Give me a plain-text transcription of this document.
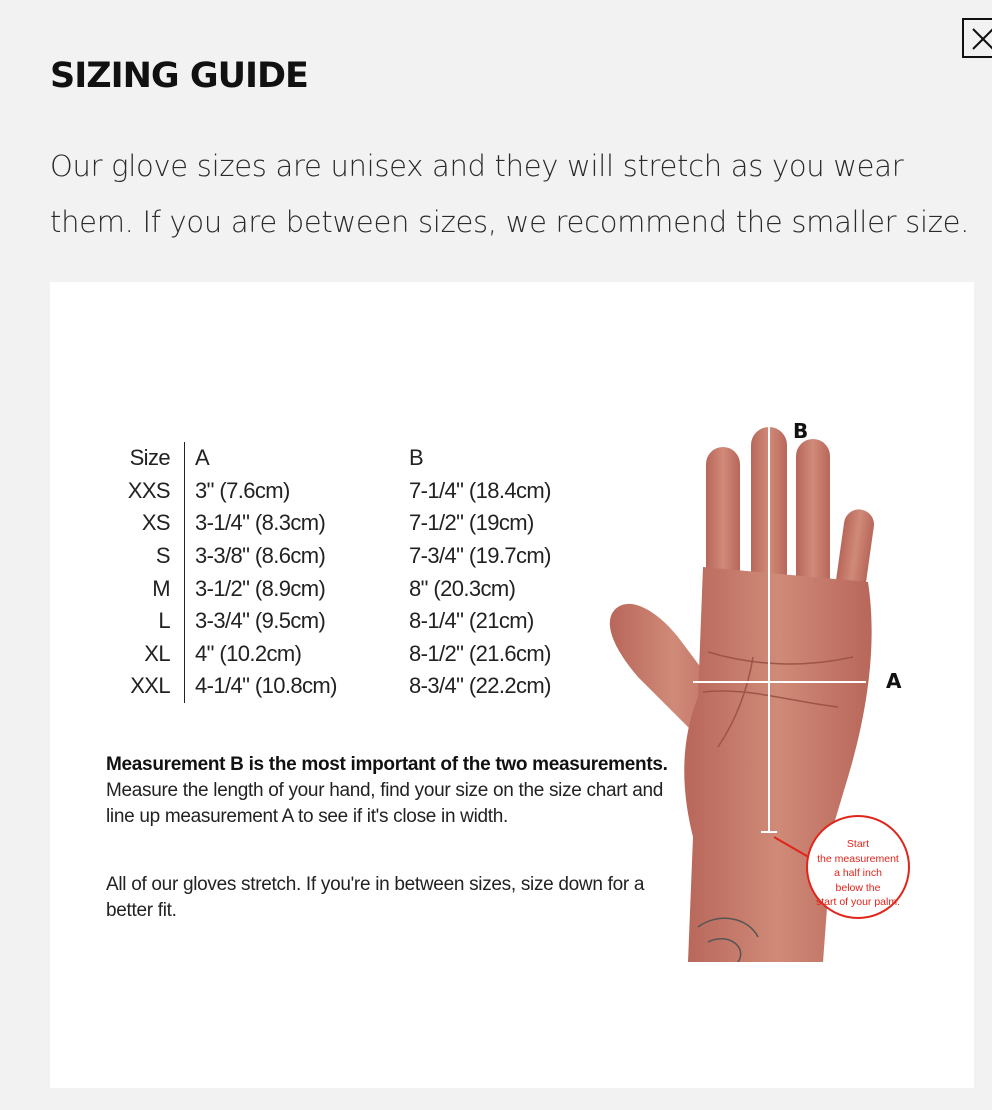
SIZING GUIDE

Our glove sizes are unisex and they will stretch as you wear them. If you are between sizes, we recommend the smaller size.

Size	A	B
XXS	3" (7.6cm)	7-1/4" (18.4cm)
XS	3-1/4" (8.3cm)	7-1/2" (19cm)
S	3-3/8" (8.6cm)	7-3/4" (19.7cm)
M	3-1/2" (8.9cm)	8" (20.3cm)
L	3-3/4" (9.5cm)	8-1/4" (21cm)
XL	4" (10.2cm)	8-1/2" (21.6cm)
XXL	4-1/4" (10.8cm)	8-3/4" (22.2cm)

Measurement B is the most important of the two measurements. Measure the length of your hand, find your size on the size chart and line up measurement A to see if it's close in width.

All of our gloves stretch. If you're in between sizes, size down for a better fit.

B
A
Start
the measurement
a half inch
below the
start of your palm.
